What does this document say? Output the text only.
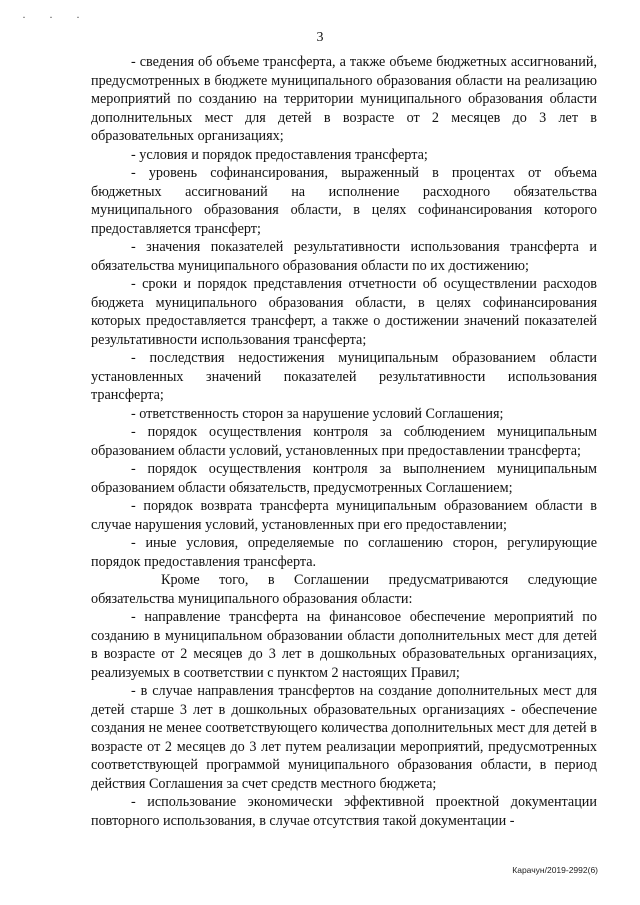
· · ·
3

- сведения об объеме трансферта, а также объеме бюджетных ассигнований, предусмотренных в бюджете муниципального образования области на реализацию мероприятий по созданию на территории муниципального образования области дополнительных мест для детей в возрасте от 2 месяцев до 3 лет в образовательных организациях;

- условия и порядок предоставления трансферта;

- уровень софинансирования, выраженный в процентах от объема бюджетных ассигнований на исполнение расходного обязательства муниципального образования области, в целях софинансирования которого предоставляется трансферт;

- значения показателей результативности использования трансферта и обязательства муниципального образования области по их достижению;

- сроки и порядок представления отчетности об осуществлении расходов бюджета муниципального образования области, в целях софинансирования которых предоставляется трансферт, а также о достижении значений показателей результативности использования трансферта;

- последствия недостижения муниципальным образованием области установленных значений показателей результативности использования трансферта;

- ответственность сторон за нарушение условий Соглашения;

- порядок осуществления контроля за соблюдением муниципальным образованием области условий, установленных при предоставлении трансферта;

- порядок осуществления контроля за выполнением муниципальным образованием области обязательств, предусмотренных Соглашением;

- порядок возврата трансферта муниципальным образованием области в случае нарушения условий, установленных при его предоставлении;

- иные условия, определяемые по соглашению сторон, регулирующие порядок предоставления трансферта.

Кроме того, в Соглашении предусматриваются следующие обязательства муниципального образования области:

- направление трансферта на финансовое обеспечение мероприятий по созданию в муниципальном образовании области дополнительных мест для детей в возрасте от 2 месяцев до 3 лет в дошкольных образовательных организациях, реализуемых в соответствии с пунктом 2 настоящих Правил;

- в случае направления трансфертов на создание дополнительных мест для детей старше 3 лет в дошкольных образовательных организациях - обеспечение создания не менее соответствующего количества дополнительных мест для детей в возрасте от 2 месяцев до 3 лет путем реализации мероприятий, предусмотренных соответствующей программой муниципального образования области, в период действия Соглашения за счет средств местного бюджета;

- использование экономически эффективной проектной документации повторного использования, в случае отсутствия такой документации -

Карачун/2019-2992(6)
